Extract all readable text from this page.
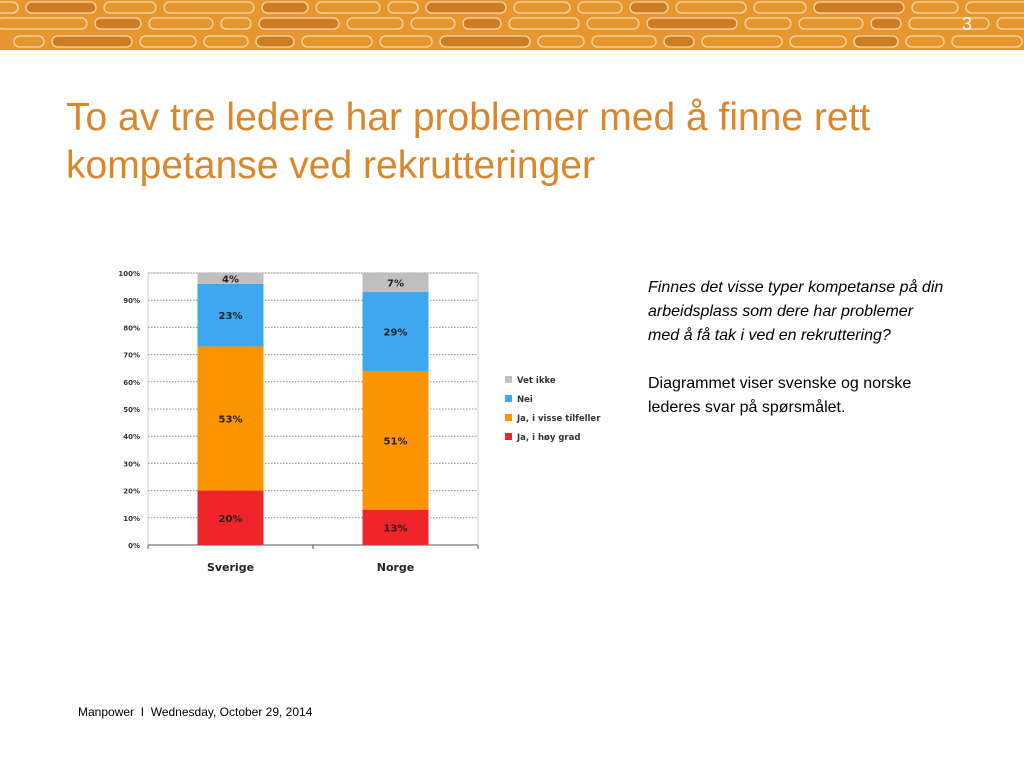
3
To av tre ledere har problemer med å finne rett kompetanse ved rekrutteringer
0%
10%
20%
30%
40%
50%
60%
70%
80%
90%
100%
20%
53%
23%
4%
Sverige
13%
51%
29%
7%
Norge
Vet ikke
Nei
Ja, i visse tilfeller
Ja, i høy grad

Finnes det visse typer kompetanse på din arbeidsplass som dere har problemer med å få tak i ved en rekruttering?

Diagrammet viser svenske og norske lederes svar på spørsmålet.

Manpower I Wednesday, October 29, 2014
